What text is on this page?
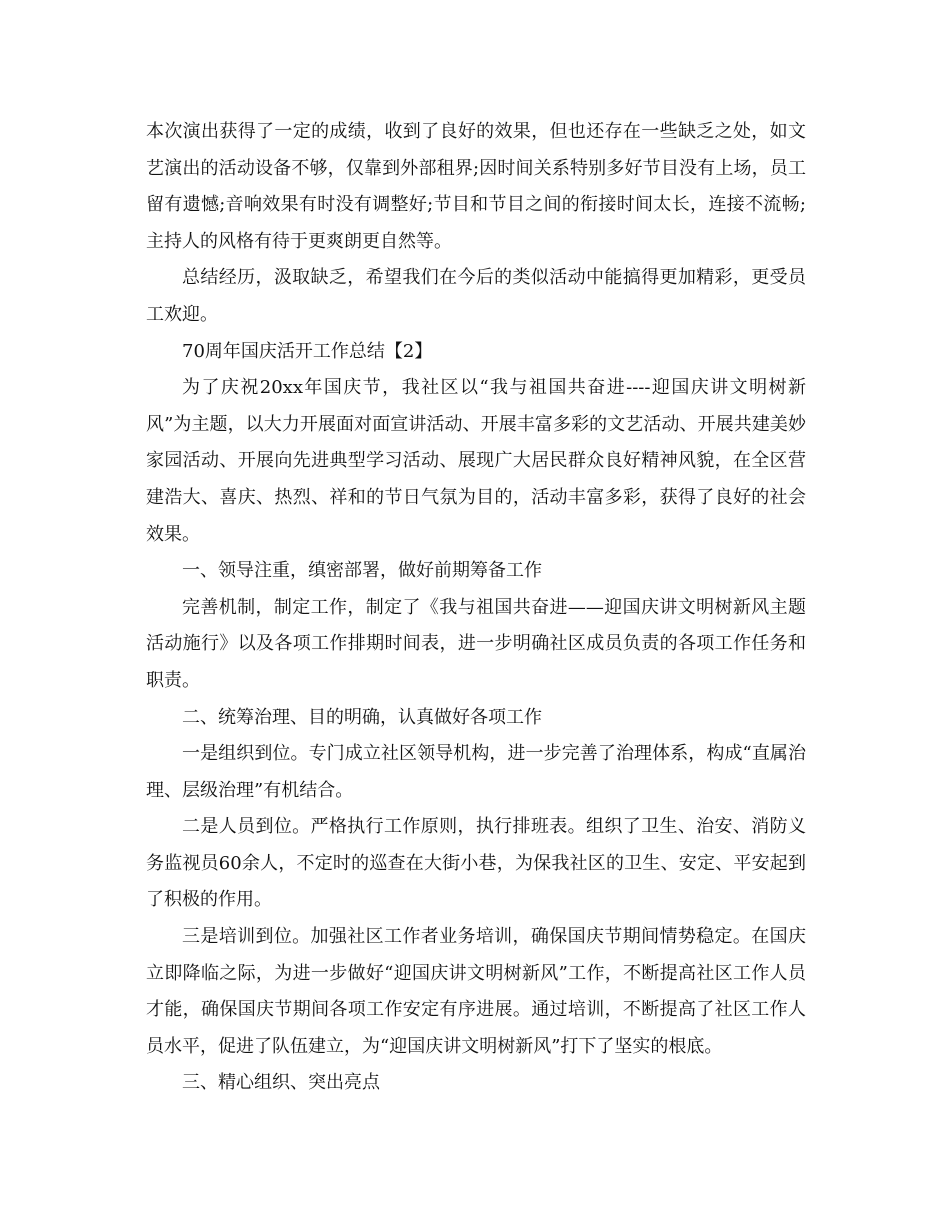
本次演出获得了一定的成绩，收到了良好的效果，但也还存在一些缺乏之处，如文艺演出的活动设备不够，仅靠到外部租界;因时间关系特别多好节目没有上场，员工留有遗憾;音响效果有时没有调整好;节目和节目之间的衔接时间太长，连接不流畅;主持人的风格有待于更爽朗更自然等。

总结经历，汲取缺乏，希望我们在今后的类似活动中能搞得更加精彩，更受员工欢迎。

70周年国庆活开工作总结【2】

为了庆祝20xx年国庆节，我社区以“我与祖国共奋进----迎国庆讲文明树新风”为主题，以大力开展面对面宣讲活动、开展丰富多彩的文艺活动、开展共建美妙家园活动、开展向先进典型学习活动、展现广大居民群众良好精神风貌，在全区营建浩大、喜庆、热烈、祥和的节日气氛为目的，活动丰富多彩，获得了良好的社会效果。

一、领导注重，缜密部署，做好前期筹备工作

完善机制，制定工作，制定了《我与祖国共奋进——迎国庆讲文明树新风主题活动施行》以及各项工作排期时间表，进一步明确社区成员负责的各项工作任务和职责。

二、统筹治理、目的明确，认真做好各项工作

一是组织到位。专门成立社区领导机构，进一步完善了治理体系，构成“直属治理、层级治理”有机结合。

二是人员到位。严格执行工作原则，执行排班表。组织了卫生、治安、消防义务监视员60余人，不定时的巡查在大街小巷，为保我社区的卫生、安定、平安起到了积极的作用。

三是培训到位。加强社区工作者业务培训，确保国庆节期间情势稳定。在国庆立即降临之际，为进一步做好“迎国庆讲文明树新风”工作，不断提高社区工作人员才能，确保国庆节期间各项工作安定有序进展。通过培训，不断提高了社区工作人员水平，促进了队伍建立，为“迎国庆讲文明树新风”打下了坚实的根底。

三、精心组织、突出亮点
